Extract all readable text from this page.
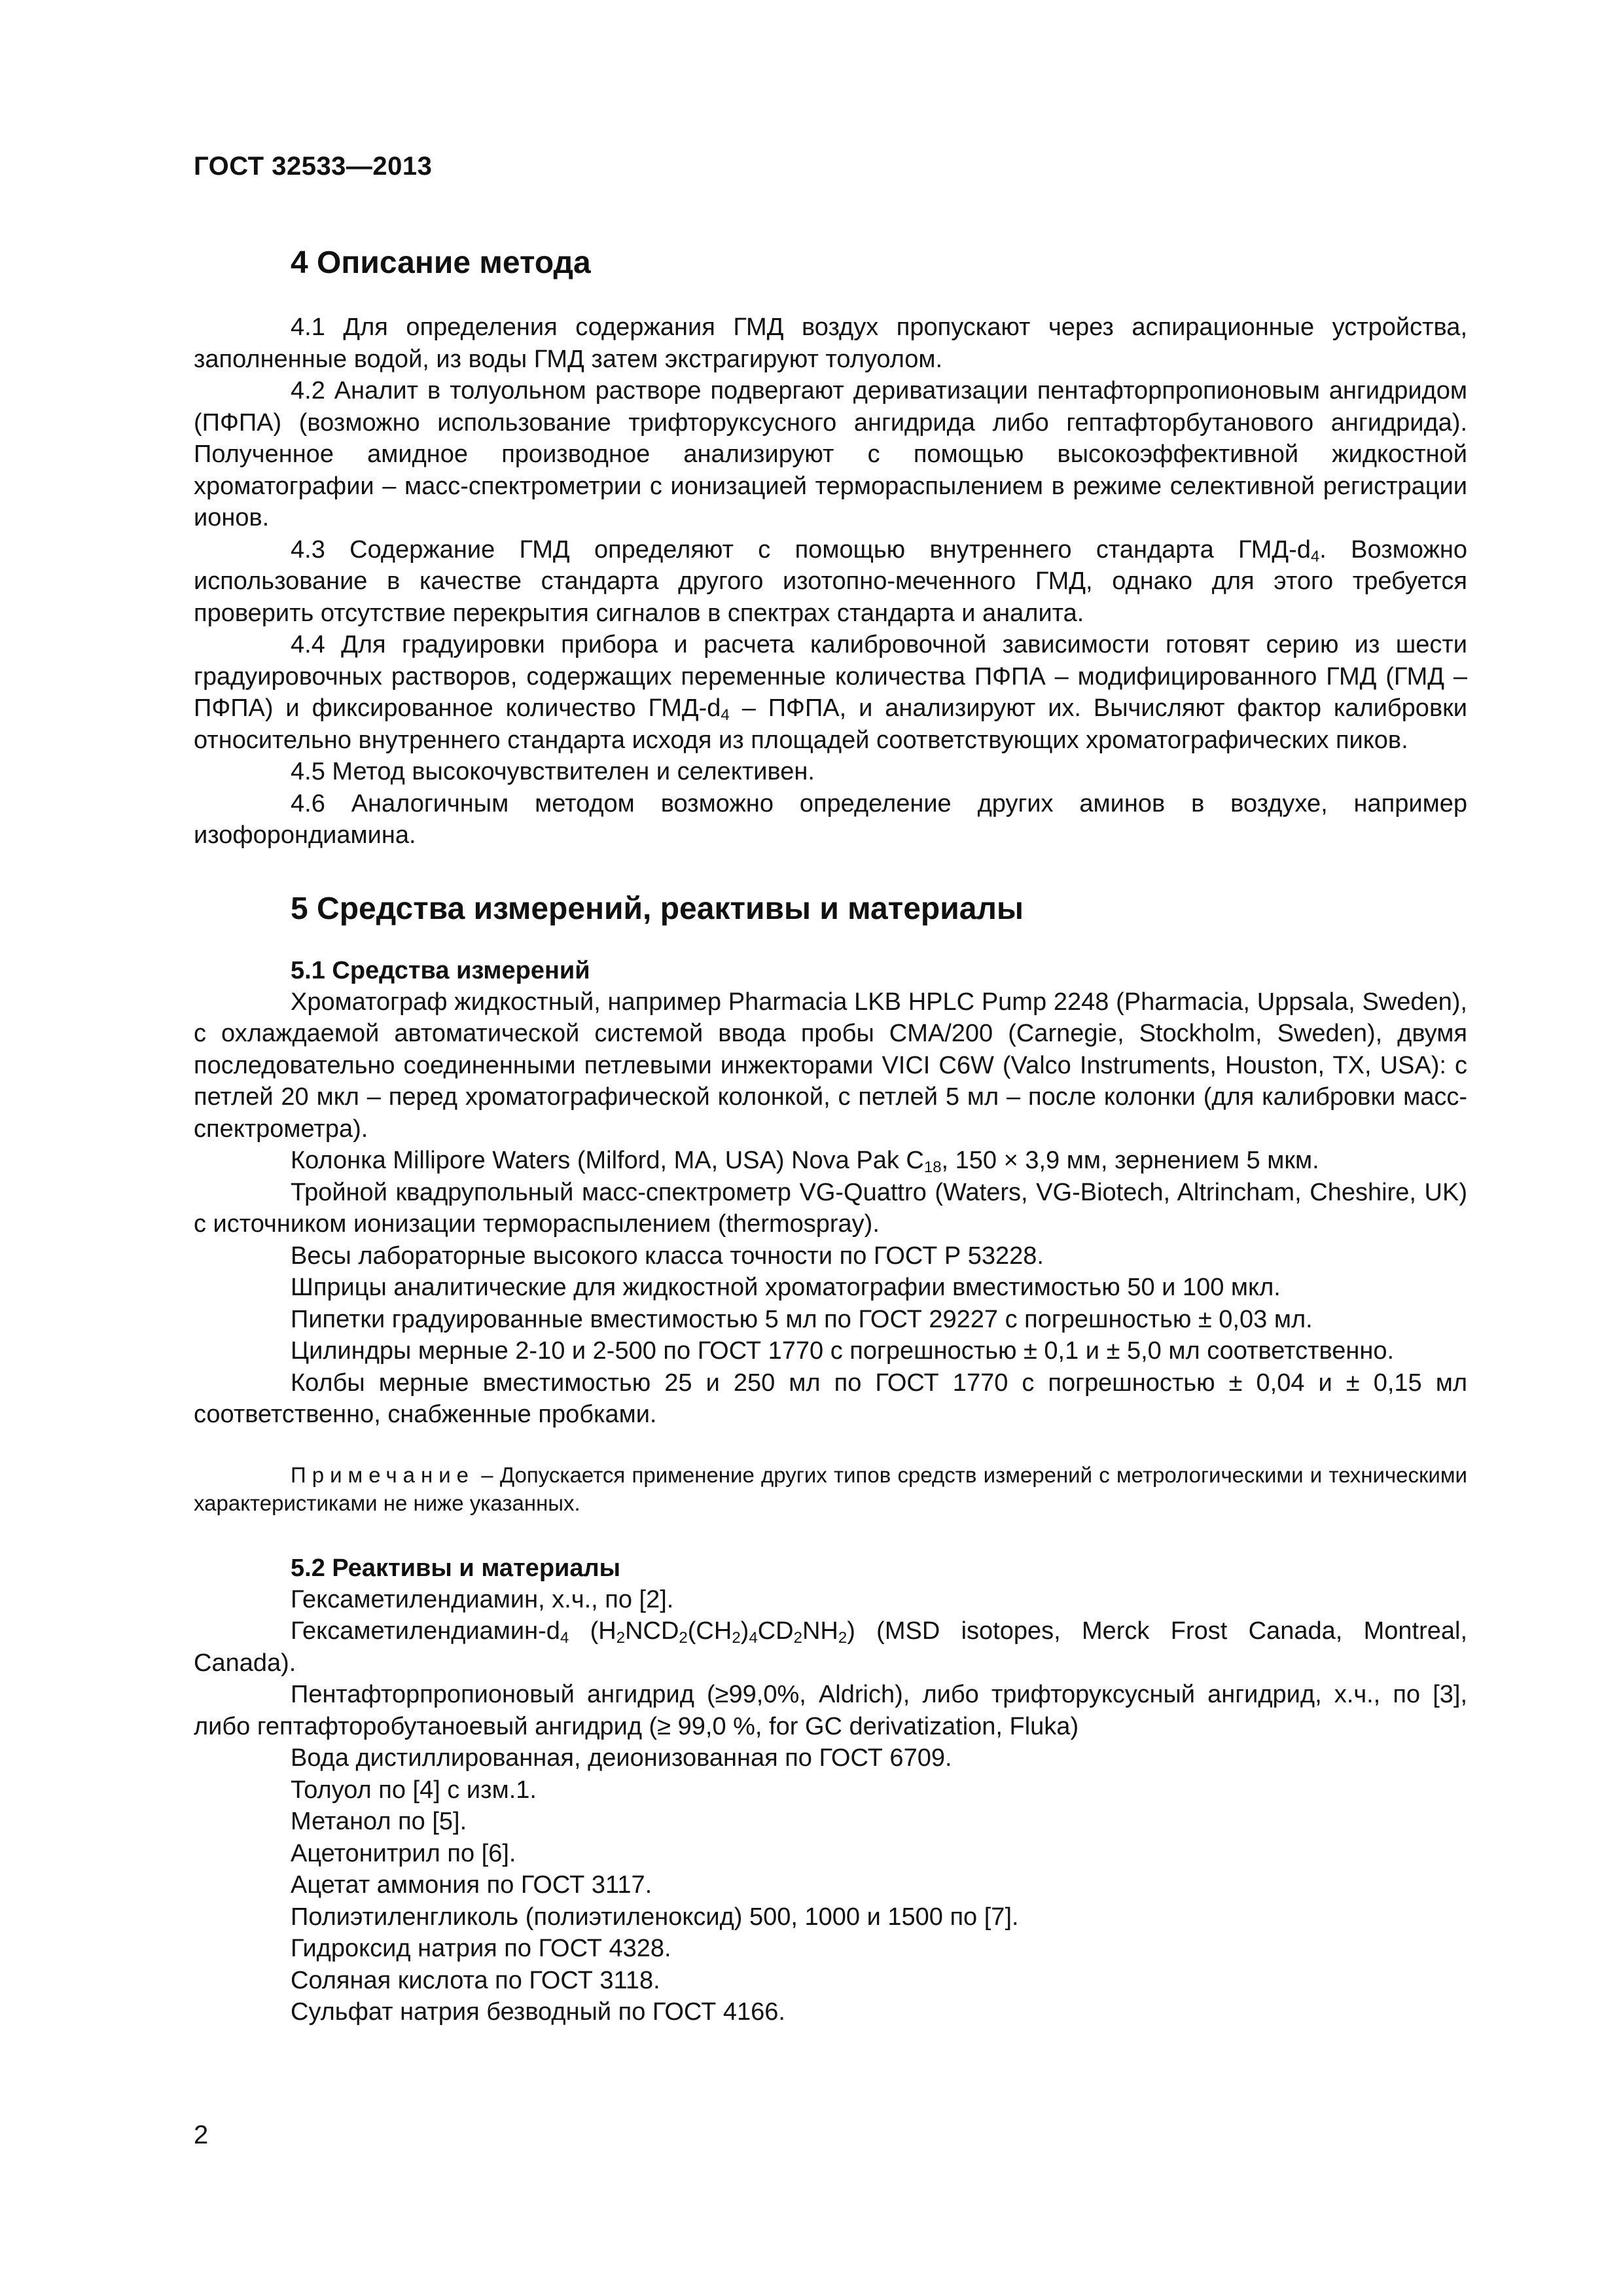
ГОСТ 32533—2013
4 Описание метода

4.1 Для определения содержания ГМД воздух пропускают через аспирационные устройства, заполненные водой, из воды ГМД затем экстрагируют толуолом.

4.2 Аналит в толуольном растворе подвергают дериватизации пентафторпропионовым ангидридом (ПФПА) (возможно использование трифторуксусного ангидрида либо гептафторбутанового ангидрида). Полученное амидное производное анализируют с помощью высокоэффективной жидкостной хроматографии – масс-спектрометрии с ионизацией термораспылением в режиме селективной регистрации ионов.

4.3 Содержание ГМД определяют с помощью внутреннего стандарта ГМД-$d_4$. Возможно использование в качестве стандарта другого изотопно-меченного ГМД, однако для этого требуется проверить отсутствие перекрытия сигналов в спектрах стандарта и аналита.

4.4 Для градуировки прибора и расчета калибровочной зависимости готовят серию из шести градуировочных растворов, содержащих переменные количества ПФПА – модифицированного ГМД (ГМД – ПФПА) и фиксированное количество ГМД-$d_4$ – ПФПА, и анализируют их. Вычисляют фактор калибровки относительно внутреннего стандарта исходя из площадей соответствующих хроматографических пиков.

4.5 Метод высокочувствителен и селективен.

4.6 Аналогичным методом возможно определение других аминов в воздухе, например изофорондиамина.

5 Средства измерений, реактивы и материалы
5.1 Средства измерений

Хроматограф жидкостный, например Pharmacia LKB HPLC Pump 2248 (Pharmacia, Uppsala, Sweden), с охлаждаемой автоматической системой ввода пробы CMA/200 (Carnegie, Stockholm, Sweden), двумя последовательно соединенными петлевыми инжекторами VICI C6W (Valco Instruments, Houston, TX, USA): с петлей 20 мкл – перед хроматографической колонкой, с петлей 5 мл – после колонки (для калибровки масс-спектрометра).

Колонка Millipore Waters (Milford, MA, USA) Nova Pak $C_{18}$, 150 × 3,9 мм, зернением 5 мкм.

Тройной квадрупольный масс-спектрометр VG-Quattro (Waters, VG-Biotech, Altrincham, Cheshire, UK) с источником ионизации термораспылением (thermospray).

Весы лабораторные высокого класса точности по ГОСТ Р 53228.

Шприцы аналитические для жидкостной хроматографии вместимостью 50 и 100 мкл.

Пипетки градуированные вместимостью 5 мл по ГОСТ 29227 с погрешностью ± 0,03 мл.

Цилиндры мерные 2-10 и 2-500 по ГОСТ 1770 с погрешностью ± 0,1 и ± 5,0 мл соответственно.

Колбы мерные вместимостью 25 и 250 мл по ГОСТ 1770 с погрешностью ± 0,04 и ± 0,15 мл соответственно, снабженные пробками.

Примечание – Допускается применение других типов средств измерений с метрологическими и техническими характеристиками не ниже указанных.
5.2 Реактивы и материалы

Гексаметилендиамин, х.ч., по [2].

Гексаметилендиамин-$d_4$ $(H_2NCD_2(CH_2)_4CD_2NH_2)$ (MSD isotopes, Merck Frost Canada, Montreal, Canada).

Пентафторпропионовый ангидрид (≥99,0%, Aldrich), либо трифторуксусный ангидрид, х.ч., по [3], либо гептафторобутаноевый ангидрид (≥ 99,0 %, for GC derivatization, Fluka)

Вода дистиллированная, деионизованная по ГОСТ 6709.

Толуол по [4] с изм.1.

Метанол по [5].

Ацетонитрил по [6].

Ацетат аммония по ГОСТ 3117.

Полиэтиленгликоль (полиэтиленоксид) 500, 1000 и 1500 по [7].

Гидроксид натрия по ГОСТ 4328.

Соляная кислота по ГОСТ 3118.

Сульфат натрия безводный по ГОСТ 4166.

2
